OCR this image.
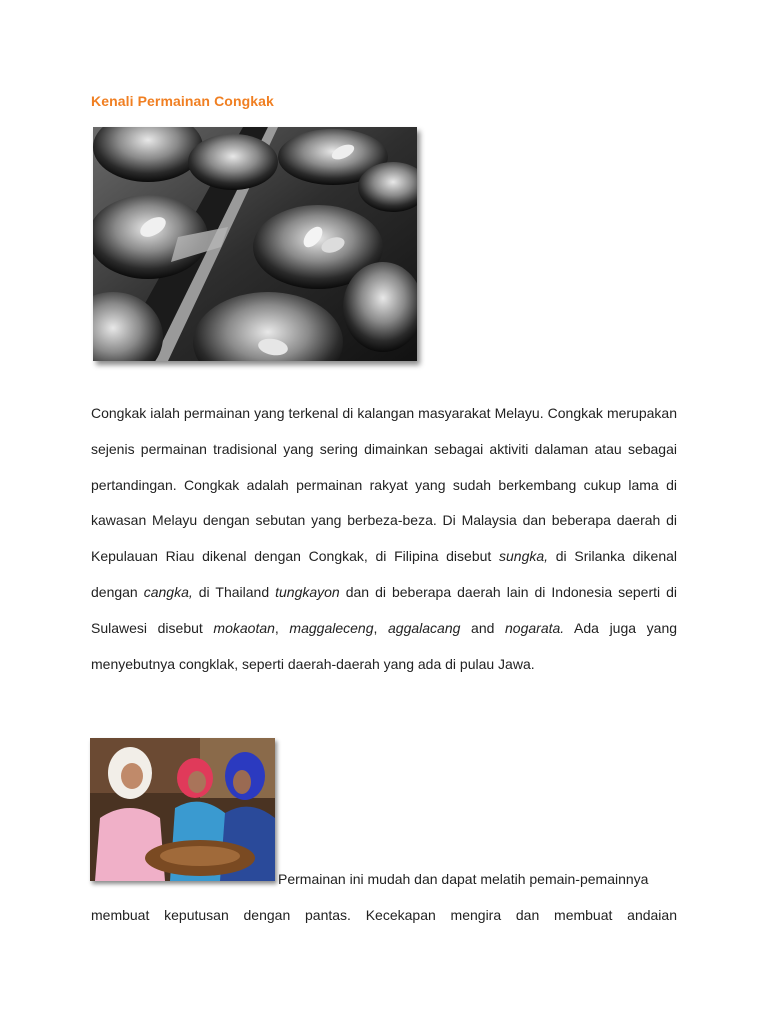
Kenali Permainan Congkak
Congkak ialah permainan yang terkenal di kalangan masyarakat Melayu. Congkak merupakan sejenis permainan tradisional yang sering dimainkan sebagai aktiviti dalaman atau sebagai pertandingan. Congkak adalah permainan rakyat yang sudah berkembang cukup lama di kawasan Melayu dengan sebutan yang berbeza-beza. Di Malaysia dan beberapa daerah di Kepulauan Riau dikenal dengan Congkak, di Filipina disebut sungka, di Srilanka dikenal dengan cangka, di Thailand tungkayon dan di beberapa daerah lain di Indonesia seperti di Sulawesi disebut mokaotan, maggaleceng, aggalacang and nogarata. Ada juga yang menyebutnya congklak, seperti daerah-daerah yang ada di pulau Jawa.
Permainan ini mudah dan dapat melatih pemain-pemainnya
membuat keputusan dengan pantas. Kecekapan mengira dan membuat andaian
